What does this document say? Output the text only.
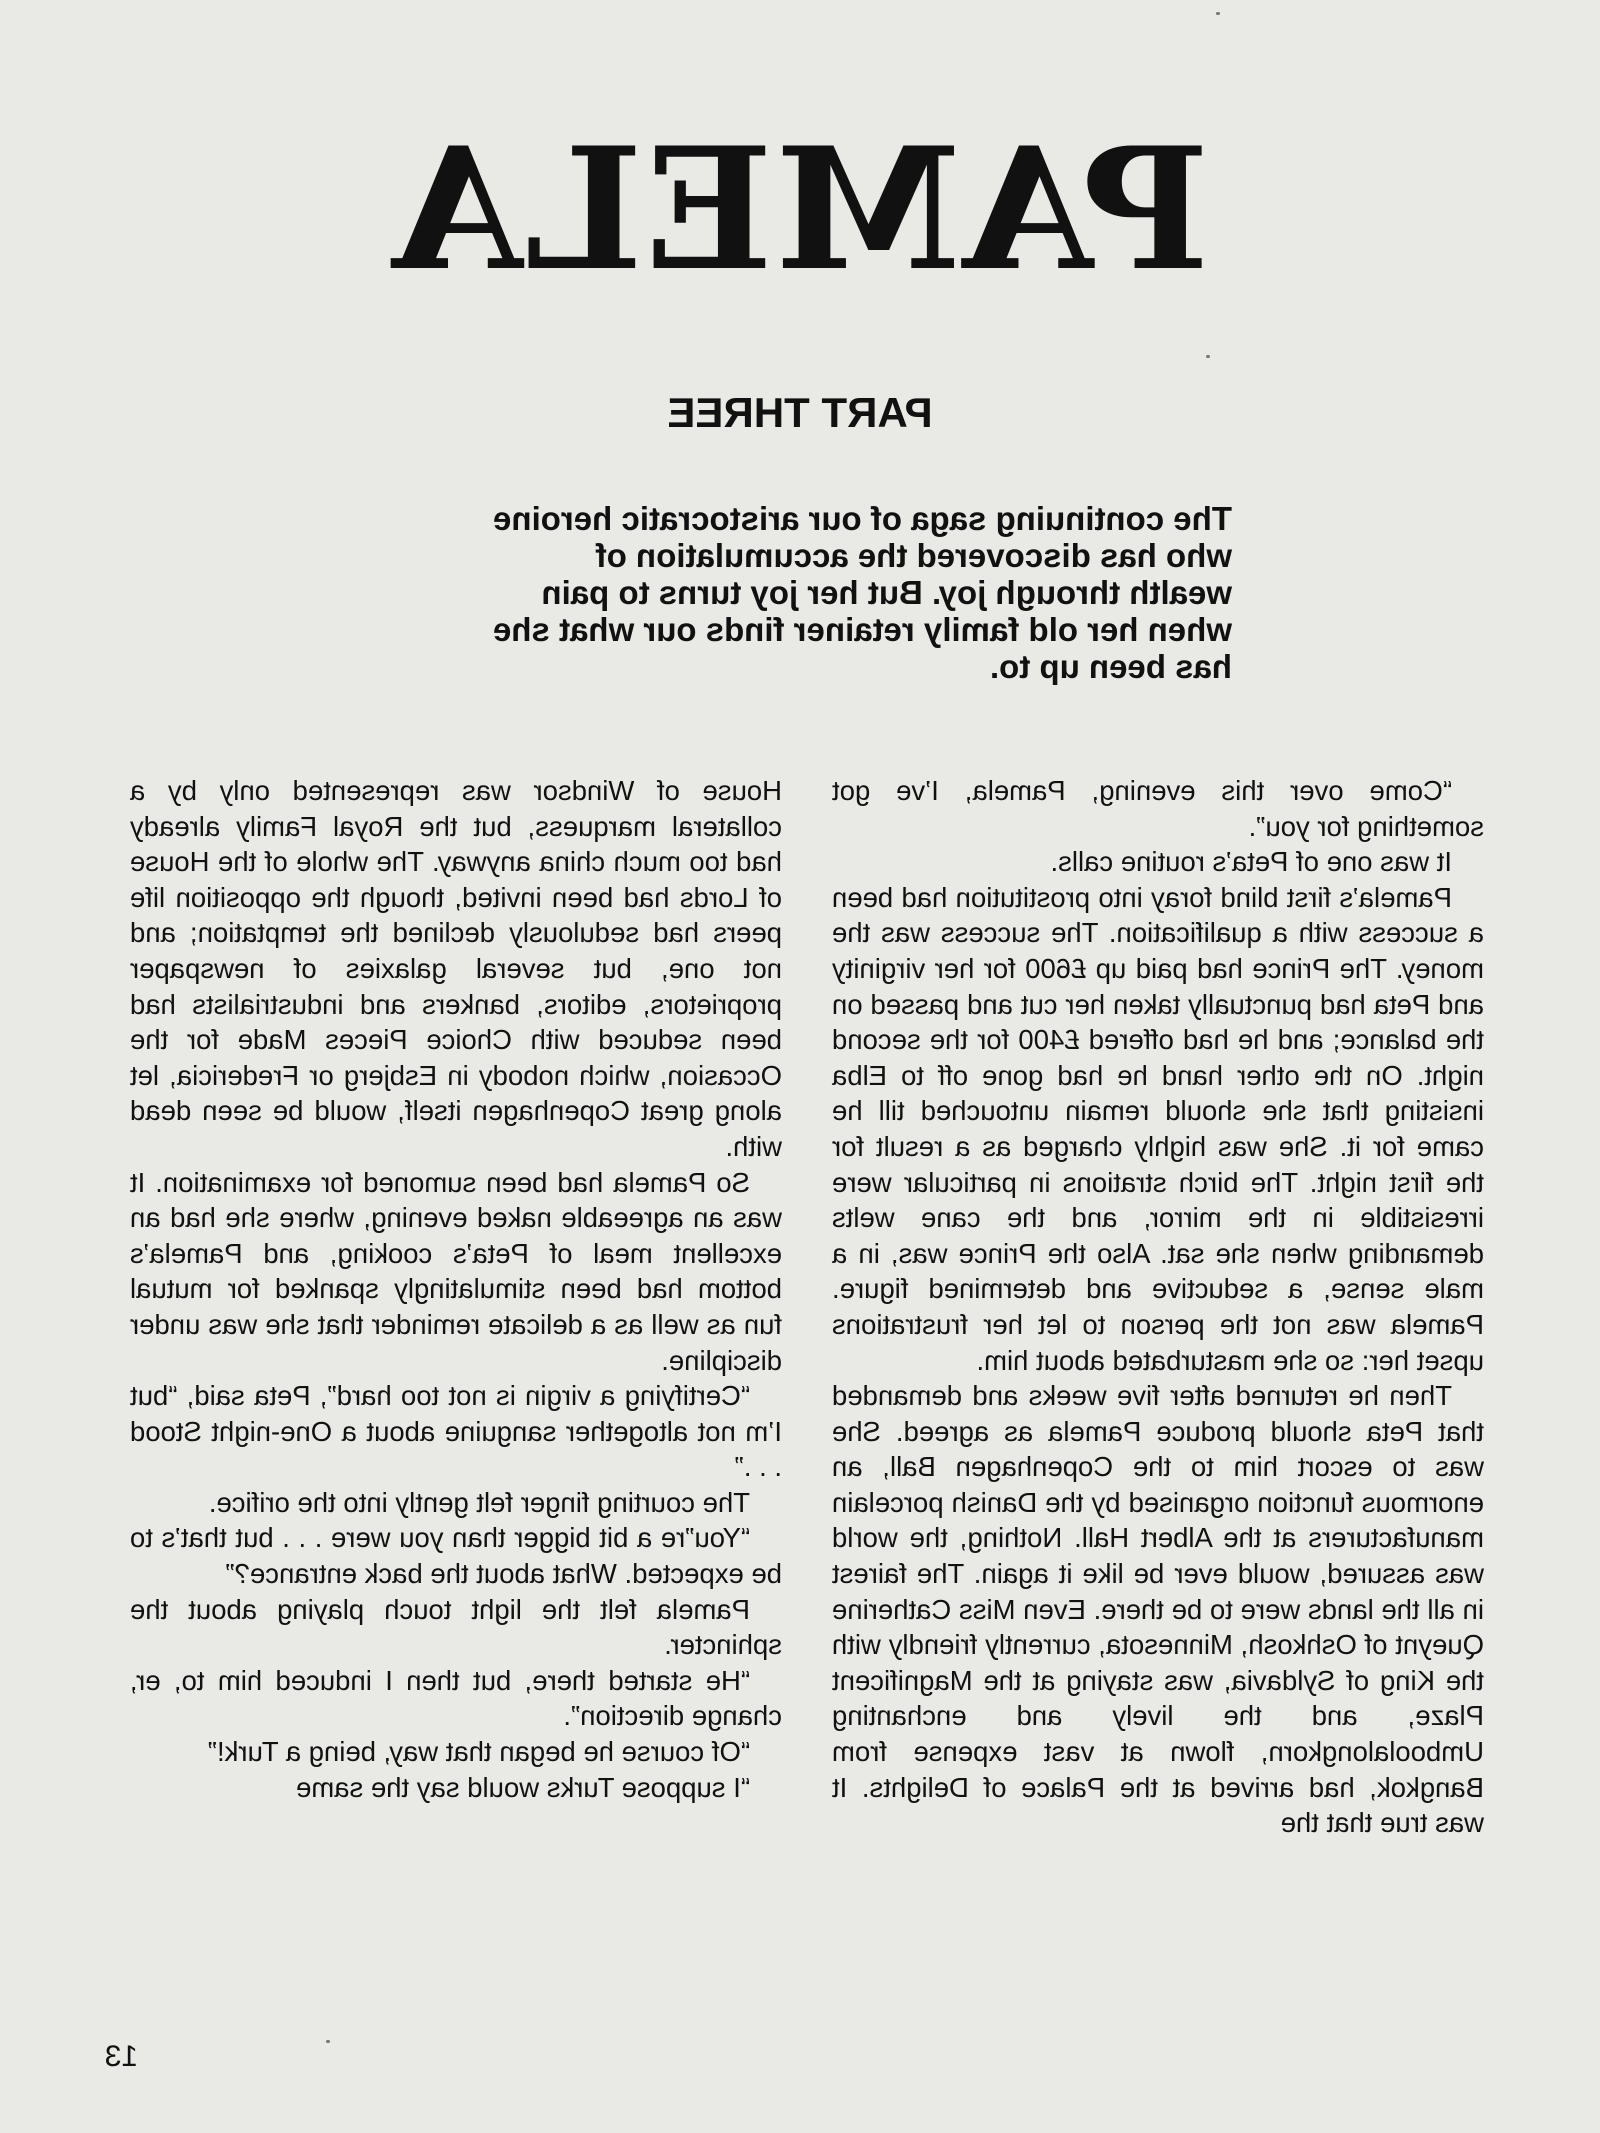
PAMELA
PART THREE
The continuing saga of our aristocratic heroine
who has discovered the accumulation of
wealth through joy. But her joy turns to pain
when her old family retainer finds our what she
has been up to.

“Come over this evening, Pamela, I’ve got something for you”.

It was one of Peta’s routine calls.

Pamela’s first blind foray into prostitution had been a success with a qualification. The success was the money. The Prince had paid up £600 for her virginity and Peta had punctually taken her cut and passed on the balance; and he had offered £400 for the second night. On the other hand he had gone off to Elba insisting that she should remain untouched till he came for it. She was highly charged as a result for the first night. The birch strations in particular were irresistible in the mirror, and the cane welts demanding when she sat. Also the Prince was, in a male sense, a seductive and determined figure. Pamela was not the person to let her frustrations upset her: so she masturbated about him.

Then he returned after five weeks and demanded that Peta should produce Pamela as agreed. She was to escort him to the Copenhagen Ball, an enormous function organised by the Danish porcelain manufacturers at the Albert Hall. Nothing, the world was assured, would ever be like it again. The fairest in all the lands were to be there. Even Miss Catherine Queynt of Oshkosh, Minnesota, currently friendly with the King of Syldavia, was staying at the Magnificent Plaze, and the lively and enchanting Umboolalongkorn, flown at vast expense from Bangkok, had arrived at the Palace of Delights. It was true that the

House of Windsor was represented only by a collateral marquess, but the Royal Family already had too much china anyway. The whole of the House of Lords had been invited, though the opposition life peers had sedulously declined the temptation; and not one, but several galaxies of newspaper proprietors, editors, bankers and industrialists had been seduced with Choice Pieces Made for the Occasion, which nobody in Esbjerg or Fredericia, let along great Copenhagen itself, would be seen dead with.

So Pamela had been sumoned for examination. It was an agreeable naked evening, where she had an excellent meal of Peta’s cooking, and Pamela’s bottom had been stimulatingly spanked for mutual fun as well as a delicate reminder that she was under discipline.

“Certifying a virgin is not too hard”, Peta said, “but I’m not altogether sanguine about a One-night Stood . . .”

The courting finger felt gently into the orifice.

“You”re a bit bigger than you were . . . but that’s to be expected. What about the back entrance?”

Pamela felt the light touch playing about the sphincter.

“He started there, but then I induced him to, er, change direction”.

“Of course he began that way, being a Turk!”

“I suppose Turks would say the same

13
